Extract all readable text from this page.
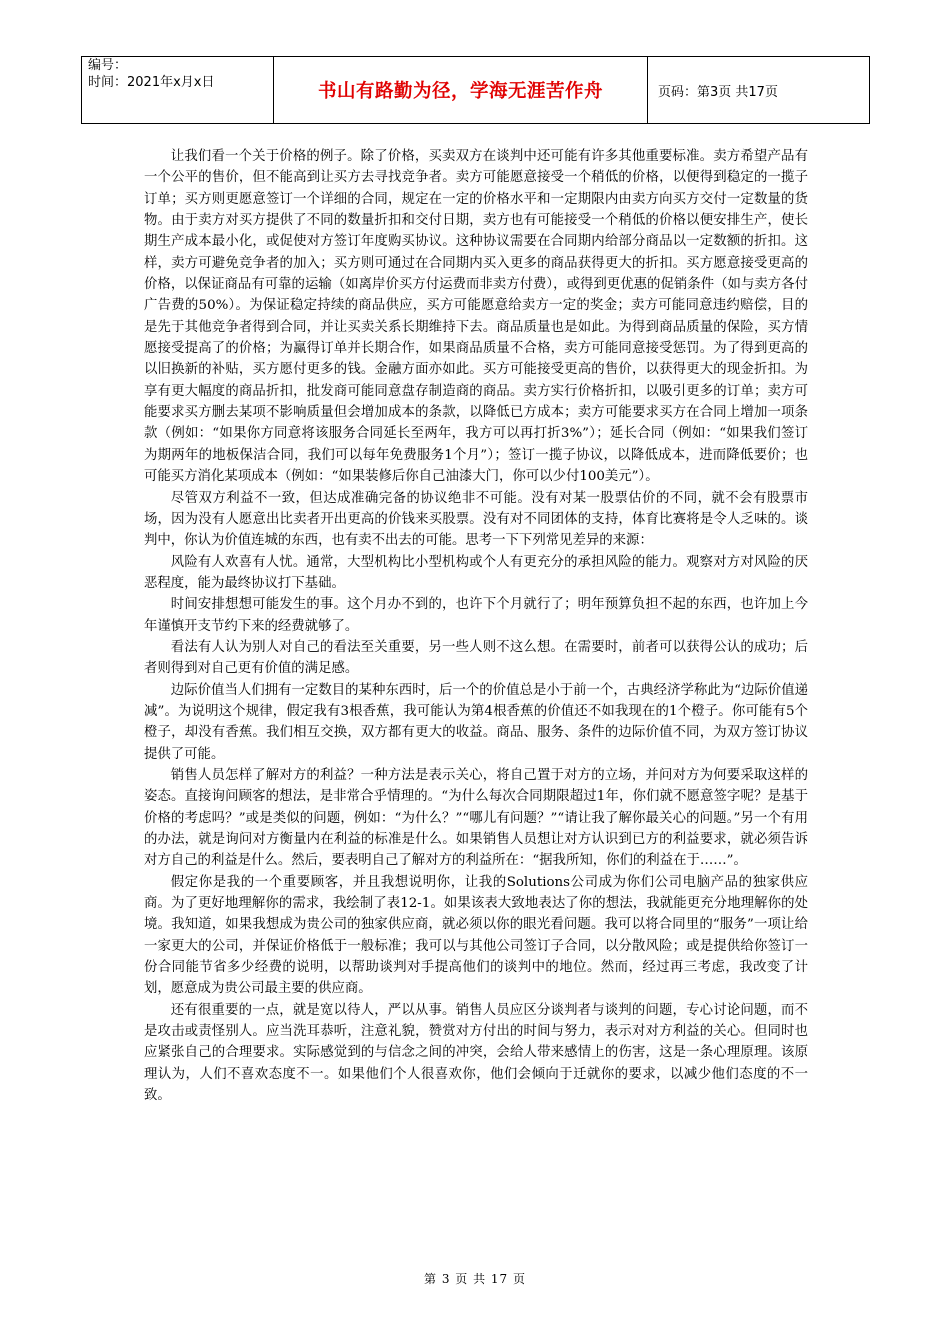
编号：
时间：2021年x月x日	书山有路勤为径，学海无涯苦作舟	页码：第3页 共17页

让我们看一个关于价格的例子。除了价格，买卖双方在谈判中还可能有许多其他重要标准。卖方希望产品有一个公平的售价，但不能高到让买方去寻找竞争者。卖方可能愿意接受一个稍低的价格，以便得到稳定的一揽子订单；买方则更愿意签订一个详细的合同，规定在一定的价格水平和一定期限内由卖方向买方交付一定数量的货物。由于卖方对买方提供了不同的数量折扣和交付日期，卖方也有可能接受一个稍低的价格以便安排生产，使长期生产成本最小化，或促使对方签订年度购买协议。这种协议需要在合同期内给部分商品以一定数额的折扣。这样，卖方可避免竞争者的加入；买方则可通过在合同期内买入更多的商品获得更大的折扣。买方愿意接受更高的价格，以保证商品有可靠的运输（如离岸价买方付运费而非卖方付费），或得到更优惠的促销条件（如与卖方各付广告费的50%）。为保证稳定持续的商品供应，买方可能愿意给卖方一定的奖金；卖方可能同意违约赔偿，目的是先于其他竞争者得到合同，并让买卖关系长期维持下去。商品质量也是如此。为得到商品质量的保险，买方情愿接受提高了的价格；为赢得订单并长期合作，如果商品质量不合格，卖方可能同意接受惩罚。为了得到更高的以旧换新的补贴，买方愿付更多的钱。金融方面亦如此。买方可能接受更高的售价，以获得更大的现金折扣。为享有更大幅度的商品折扣，批发商可能同意盘存制造商的商品。卖方实行价格折扣，以吸引更多的订单；卖方可能要求买方删去某项不影响质量但会增加成本的条款，以降低已方成本；卖方可能要求买方在合同上增加一项条款（例如：“如果你方同意将该服务合同延长至两年，我方可以再打折3%”）；延长合同（例如：“如果我们签订为期两年的地板保洁合同，我们可以每年免费服务1个月”）；签订一揽子协议，以降低成本，进而降低要价；也可能买方消化某项成本（例如：“如果装修后你自己油漆大门，你可以少付100美元”）。

尽管双方利益不一致，但达成准确完备的协议绝非不可能。没有对某一股票估价的不同，就不会有股票市场，因为没有人愿意出比卖者开出更高的价钱来买股票。没有对不同团体的支持，体育比赛将是令人乏味的。谈判中，你认为价值连城的东西，也有卖不出去的可能。思考一下下列常见差异的来源：

风险有人欢喜有人忧。通常，大型机构比小型机构或个人有更充分的承担风险的能力。观察对方对风险的厌恶程度，能为最终协议打下基础。

时间安排想想可能发生的事。这个月办不到的，也许下个月就行了；明年预算负担不起的东西，也许加上今年谨慎开支节约下来的经费就够了。

看法有人认为别人对自己的看法至关重要，另一些人则不这么想。在需要时，前者可以获得公认的成功；后者则得到对自己更有价值的满足感。

边际价值当人们拥有一定数目的某种东西时，后一个的价值总是小于前一个，古典经济学称此为“边际价值递减”。为说明这个规律，假定我有3根香蕉，我可能认为第4根香蕉的价值还不如我现在的1个橙子。你可能有5个橙子，却没有香蕉。我们相互交换，双方都有更大的收益。商品、服务、条件的边际价值不同，为双方签订协议提供了可能。

销售人员怎样了解对方的利益？一种方法是表示关心，将自己置于对方的立场，并问对方为何要采取这样的姿态。直接询问顾客的想法，是非常合乎情理的。“为什么每次合同期限超过1年，你们就不愿意签字呢？是基于价格的考虑吗？”或是类似的问题，例如：“为什么？”“哪儿有问题？”“请让我了解你最关心的问题。”另一个有用的办法，就是询问对方衡量内在利益的标准是什么。如果销售人员想让对方认识到已方的利益要求，就必须告诉对方自己的利益是什么。然后，要表明自己了解对方的利益所在：“据我所知，你们的利益在于……”。

假定你是我的一个重要顾客，并且我想说明你，让我的Solutions公司成为你们公司电脑产品的独家供应商。为了更好地理解你的需求，我绘制了表12-1。如果该表大致地表达了你的想法，我就能更充分地理解你的处境。我知道，如果我想成为贵公司的独家供应商，就必须以你的眼光看问题。我可以将合同里的“服务”一项让给一家更大的公司，并保证价格低于一般标准；我可以与其他公司签订子合同，以分散风险；或是提供给你签订一份合同能节省多少经费的说明，以帮助谈判对手提高他们的谈判中的地位。然而，经过再三考虑，我改变了计划，愿意成为贵公司最主要的供应商。

还有很重要的一点，就是宽以待人，严以从事。销售人员应区分谈判者与谈判的问题，专心讨论问题，而不是攻击或责怪别人。应当洗耳恭听，注意礼貌，赞赏对方付出的时间与努力，表示对对方利益的关心。但同时也应紧张自己的合理要求。实际感觉到的与信念之间的冲突，会给人带来感情上的伤害，这是一条心理原理。该原理认为，人们不喜欢态度不一。如果他们个人很喜欢你，他们会倾向于迁就你的要求，以减少他们态度的不一致。

第 3 页 共 17 页
